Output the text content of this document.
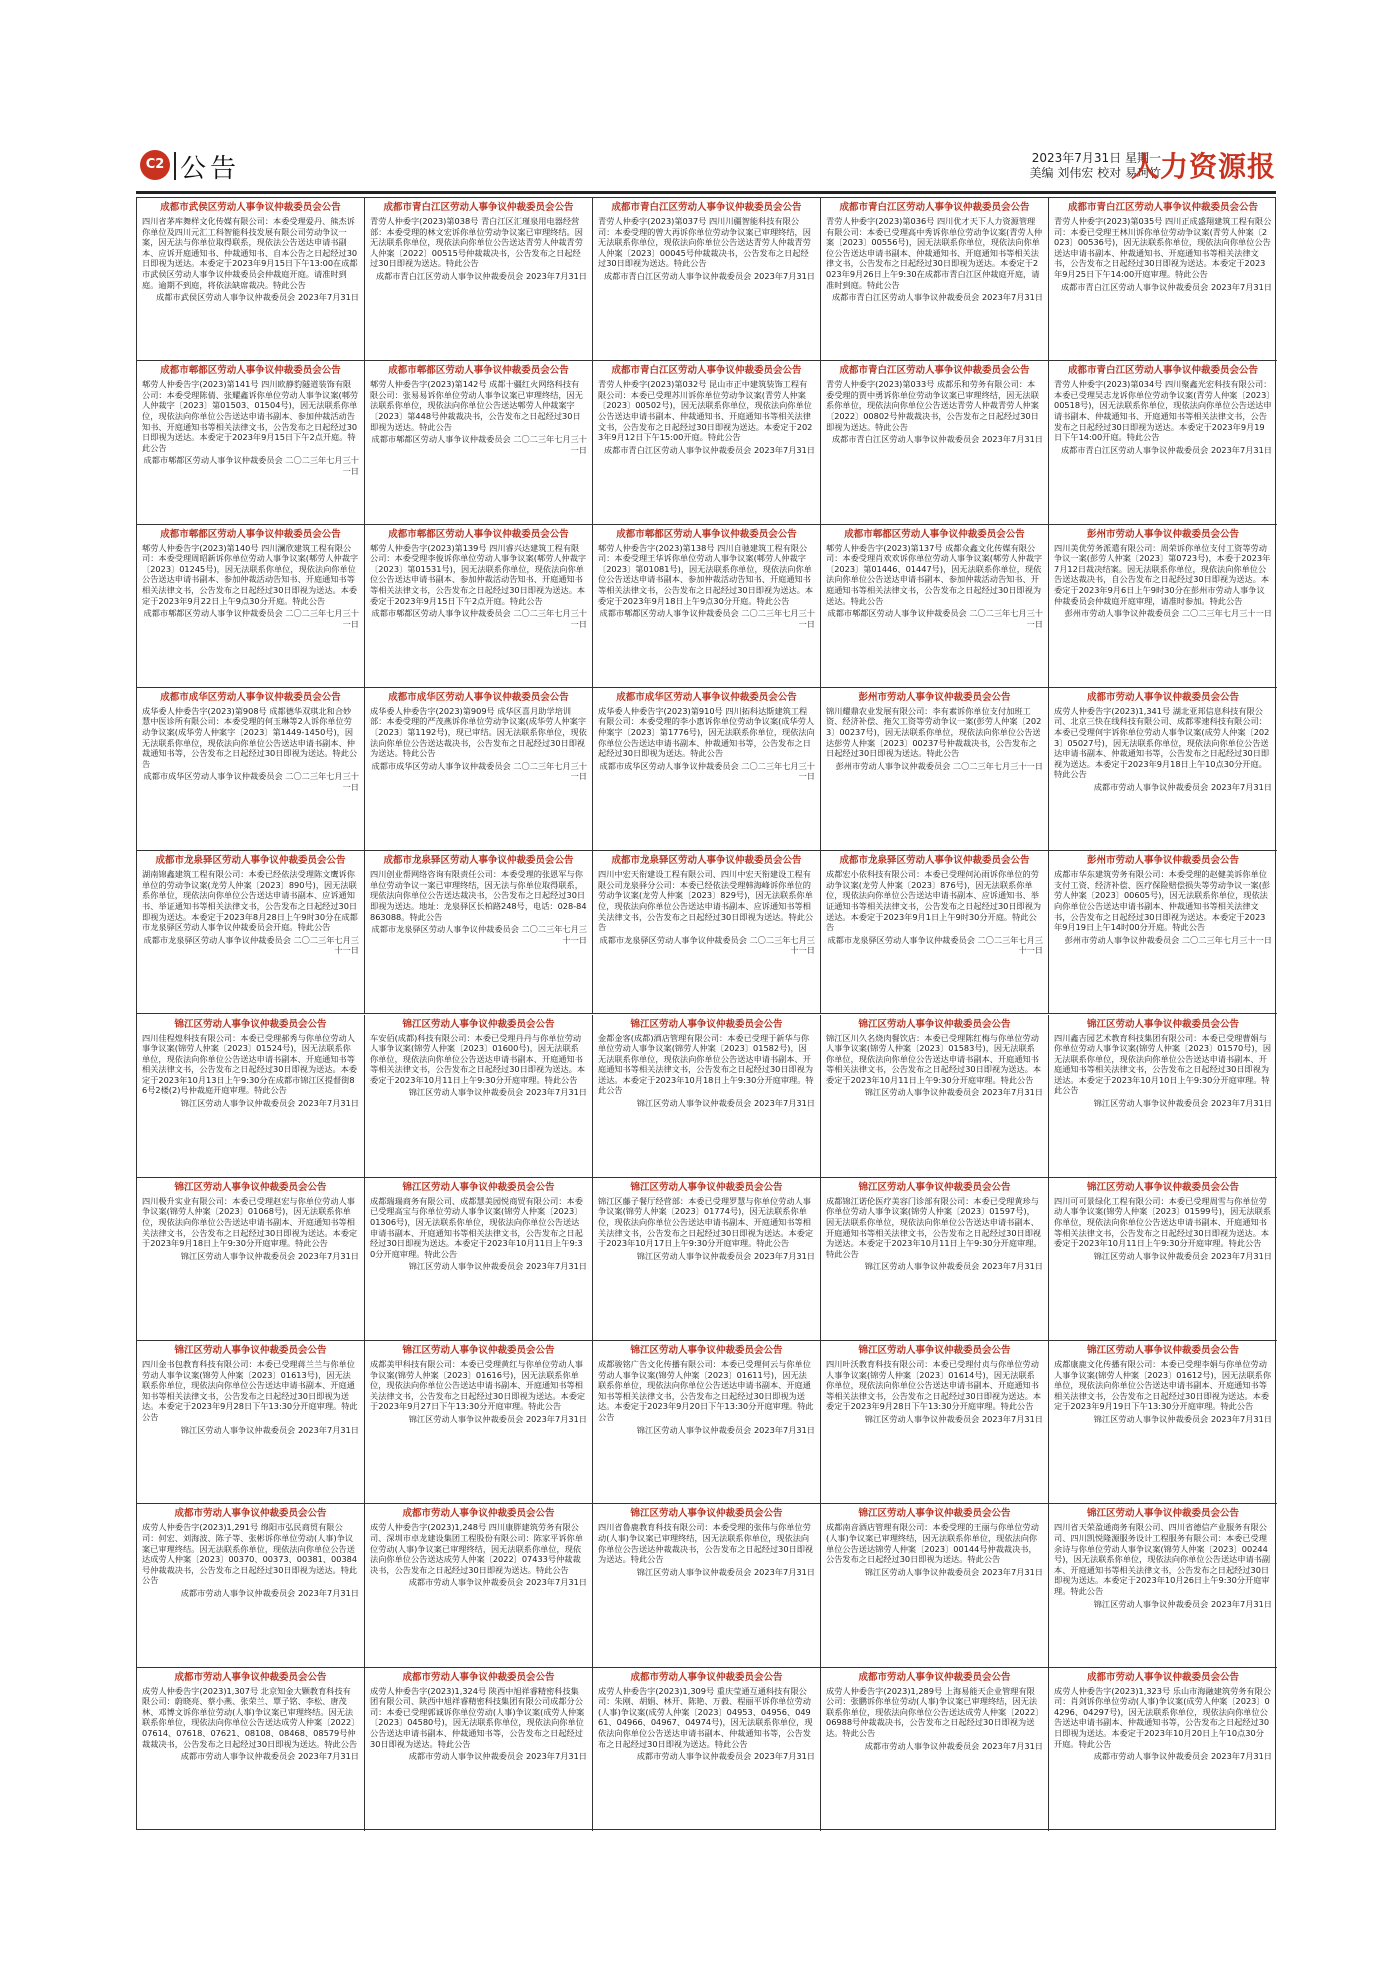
C2 公告	2023年7月31日 星期一
美编 刘伟宏 校对 易珂竹
人力资源报
成都市武侯区劳动人事争议仲裁委员会公告
四川省茅库舞样文化传媒有限公司：本委受理爱丹、熊杰诉你单位及四川元汇工科智能科技发展有限公司劳动争议一案，因无法与你单位取得联系，现依法公告送达申请书副本、应诉开庭通知书、仲裁通知书、自本公告之日起经过30日即视为送达。本委定于2023年9月15日下午13:00在成都市武侯区劳动人事争议仲裁委员会仲裁庭开庭。请准时到庭。逾期不到庭，将依法缺席裁决。特此公告
成都市武侯区劳动人事争议仲裁委员会 2023年7月31日
成都市青白江区劳动人事争议仲裁委员会公告
青劳人仲委字(2023)第038号 青白江区汇瑾泉用电器经营部：本委受理的林文宏诉你单位劳动争议案已审理终结。因无法联系你单位，现依法向你单位公告送达青劳人仲裁青劳人仲案〔2022〕00515号仲裁裁决书，公告发布之日起经过30日即视为送达。特此公告
成都市青白江区劳动人事争议仲裁委员会 2023年7月31日
成都市青白江区劳动人事争议仲裁委员会公告
青劳人仲委字(2023)第037号 四川川疆智能科技有限公司：本委受理的曾大再诉你单位劳动争议案已审理终结，因无法联系你单位，现依法向你单位公告送达青劳人仲裁青劳人仲案〔2023〕00045号仲裁裁决书，公告发布之日起经过30日即视为送达。特此公告
成都市青白江区劳动人事争议仲裁委员会 2023年7月31日
成都市青白江区劳动人事争议仲裁委员会公告
青劳人仲委字(2023)第036号 四川优才天下人力资源管理有限公司：本委已受理高中秀诉你单位劳动争议案(青劳人仲案〔2023〕00556号)，因无法联系你单位，现依法向你单位公告送达申请书副本、仲裁通知书、开庭通知书等相关法律文书，公告发布之日起经过30日即视为送达。本委定于2023年9月26日上午9:30在成都市青白江区仲裁庭开庭，请准时到庭。特此公告
成都市青白江区劳动人事争议仲裁委员会 2023年7月31日
成都市青白江区劳动人事争议仲裁委员会公告
青劳人仲委字(2023)第035号 四川正成盛翔建筑工程有限公司：本委已受理王林川诉你单位劳动争议案(青劳人仲案〔2023〕00536号)，因无法联系你单位，现依法向你单位公告送达申请书副本、仲裁通知书、开庭通知书等相关法律文书，公告发布之日起经过30日即视为送达。本委定于2023年9月25日下午14:00开庭审理。特此公告
成都市青白江区劳动人事争议仲裁委员会 2023年7月31日
成都市郫都区劳动人事争议仲裁委员会公告
郫劳人仲委告字(2023)第141号 四川欧静豹隧道装饰有限公司：本委受理陈倩、张耀鑫诉你单位劳动人事争议案(郫劳人仲裁字〔2023〕第01503、01504号)，因无法联系你单位，现依法向你单位公告送达申请书副本、参加仲裁活动告知书、开庭通知书等相关法律文书，公告发布之日起经过30日即视为送达。本委定于2023年9月15日下午2点开庭。特此公告
成都市郫都区劳动人事争议仲裁委员会 二〇二三年七月三十一日
成都市郫都区劳动人事争议仲裁委员会公告
郫劳人仲委告字(2023)第142号 成都十疆红火网络科技有限公司：张易易诉你单位劳动人事争议案已审理终结，因无法联系你单位，现依法向你单位公告送达郫劳人仲裁案字〔2023〕第448号仲裁裁决书，公告发布之日起经过30日即视为送达。特此公告
成都市郫都区劳动人事争议仲裁委员会 二〇二三年七月三十一日
成都市青白江区劳动人事争议仲裁委员会公告
青劳人仲委字(2023)第032号 昆山市正中建筑装饰工程有限公司：本委已受理苏川诉你单位劳动争议案(青劳人仲案〔2023〕00502号)，因无法联系你单位，现依法向你单位公告送达申请书副本、仲裁通知书、开庭通知书等相关法律文书，公告发布之日起经过30日即视为送达。本委定于2023年9月12日下午15:00开庭。特此公告
成都市青白江区劳动人事争议仲裁委员会 2023年7月31日
成都市青白江区劳动人事争议仲裁委员会公告
青劳人仲委字(2023)第033号 成都乐和劳务有限公司：本委受理的贾中勇诉你单位劳动争议案已审理终结，因无法联系你单位，现依法向你单位公告送达青劳人仲裁青劳人仲案〔2022〕00802号仲裁裁决书，公告发布之日起经过30日即视为送达。特此公告
成都市青白江区劳动人事争议仲裁委员会 2023年7月31日
成都市青白江区劳动人事争议仲裁委员会公告
青劳人仲委字(2023)第034号 四川聚鑫光宏科技有限公司：本委已受理吴志龙诉你单位劳动争议案(青劳人仲案〔2023〕00518号)，因无法联系你单位，现依法向你单位公告送达申请书副本、仲裁通知书、开庭通知书等相关法律文书，公告发布之日起经过30日即视为送达。本委定于2023年9月19日下午14:00开庭。特此公告
成都市青白江区劳动人事争议仲裁委员会 2023年7月31日
成都市郫都区劳动人事争议仲裁委员会公告
郫劳人仲委告字(2023)第140号 四川澜欣建筑工程有限公司：本委受理周昭新诉你单位劳动人事争议案(郫劳人仲裁字〔2023〕01245号)，因无法联系你单位，现依法向你单位公告送达申请书副本、参加仲裁活动告知书、开庭通知书等相关法律文书，公告发布之日起经过30日即视为送达。本委定于2023年9月22日上午9点30分开庭。特此公告
成都市郫都区劳动人事争议仲裁委员会 二〇二三年七月三十一日
成都市郫都区劳动人事争议仲裁委员会公告
郫劳人仲委告字(2023)第139号 四川睿兴达建筑工程有限公司：本委受理李俊诉你单位劳动人事争议案(郫劳人仲裁字〔2023〕第01531号)，因无法联系你单位，现依法向你单位公告送达申请书副本、参加仲裁活动告知书、开庭通知书等相关法律文书，公告发布之日起经过30日即视为送达。本委定于2023年9月15日下午2点开庭。特此公告
成都市郫都区劳动人事争议仲裁委员会 二〇二三年七月三十一日
成都市郫都区劳动人事争议仲裁委员会公告
郫劳人仲委告字(2023)第138号 四川自驰建筑工程有限公司：本委受理王华诉你单位劳动人事争议案(郫劳人仲裁字〔2023〕第01081号)，因无法联系你单位，现依法向你单位公告送达申请书副本、参加仲裁活动告知书、开庭通知书等相关法律文书，公告发布之日起经过30日即视为送达。本委定于2023年9月18日上午9点30分开庭。特此公告
成都市郫都区劳动人事争议仲裁委员会 二〇二三年七月三十一日
成都市郫都区劳动人事争议仲裁委员会公告
郫劳人仲委告字(2023)第137号 成都众鑫文化传媒有限公司：本委受理肖欢欢诉你单位劳动人事争议案(郫劳人仲裁字〔2023〕第01446、01447号)，因无法联系你单位，现依法向你单位公告送达申请书副本、参加仲裁活动告知书、开庭通知书等相关法律文书，公告发布之日起经过30日即视为送达。特此公告
成都市郫都区劳动人事争议仲裁委员会 二〇二三年七月三十一日
彭州市劳动人事争议仲裁委员会公告
四川美优劳务派遣有限公司：周荣诉你单位支付工资等劳动争议一案(彭劳人仲案〔2023〕第0723号)，本委于2023年7月12日裁决结案。因无法联系你单位，现依法向你单位公告送达裁决书，自公告发布之日起经过30日即视为送达。本委定于2023年9月6日上午9时30分在彭州市劳动人事争议仲裁委员会仲裁庭开庭审理，请准时参加。特此公告
彭州市劳动人事争议仲裁委员会 二〇二三年七月三十一日
成都市成华区劳动人事争议仲裁委员会公告
成华委人仲委告字(2023)第908号 成都德华双琪北和合妙慧中医诊所有限公司：本委受理的何玉琳等2人诉你单位劳动争议案(成华劳人仲案字〔2023〕第1449-1450号)，因无法联系你单位，现依法向你单位公告送达申请书副本、仲裁通知书等，公告发布之日起经过30日即视为送达。特此公告
成都市成华区劳动人事争议仲裁委员会 二〇二三年七月三十一日
成都市成华区劳动人事争议仲裁委员会公告
成华委人仲委告字(2023)第909号 成华区喜月助学培训部：本委受理的严茂燕诉你单位劳动争议案(成华劳人仲案字〔2023〕第1192号)，现已审结。因无法联系你单位，现依法向你单位公告送达裁决书，公告发布之日起经过30日即视为送达。特此公告
成都市成华区劳动人事争议仲裁委员会 二〇二三年七月三十一日
成都市成华区劳动人事争议仲裁委员会公告
成华委人仲委告字(2023)第910号 四川拓科达斯建筑工程有限公司：本委受理的李小惠诉你单位劳动争议案(成华劳人仲案字〔2023〕第1776号)，因无法联系你单位，现依法向你单位公告送达申请书副本、仲裁通知书等，公告发布之日起经过30日即视为送达。特此公告
成都市成华区劳动人事争议仲裁委员会 二〇二三年七月三十一日
彭州市劳动人事争议仲裁委员会公告
锦川耀鼎农业发展有限公司：李有素诉你单位支付加班工资、经济补偿、拖欠工资等劳动争议一案(彭劳人仲案〔2023〕00237号)，因无法联系你单位，现依法向你单位公告送达彭劳人仲案〔2023〕00237号仲裁裁决书，公告发布之日起经过30日即视为送达。特此公告
彭州市劳动人事争议仲裁委员会 二〇二三年七月三十一日
成都市劳动人事争议仲裁委员会公告
成劳人仲委告字(2023)1,341号 湖北亚邦信息科技有限公司、北京三快在线科技有限公司、成都零速科技有限公司：本委已受理何宇诉你单位劳动人事争议案(成劳人仲案〔2023〕05027号)，因无法联系你单位，现依法向你单位公告送达申请书副本、仲裁通知书等，公告发布之日起经过30日即视为送达。本委定于2023年9月18日上午10点30分开庭。特此公告
成都市劳动人事争议仲裁委员会 2023年7月31日
成都市龙泉驿区劳动人事争议仲裁委员会公告
湖南锦鑫建筑工程有限公司：本委已经依法受理陈文鹰诉你单位的劳动争议案(龙劳人仲案〔2023〕890号)，因无法联系你单位，现依法向你单位公告送达申请书副本、应诉通知书、举证通知书等相关法律文书，公告发布之日起经过30日即视为送达。本委定于2023年8月28日上午9时30分在成都市龙泉驿区劳动人事争议仲裁委员会开庭。特此公告
成都市龙泉驿区劳动人事争议仲裁委员会 二〇二三年七月三十一日
成都市龙泉驿区劳动人事争议仲裁委员会公告
四川创业帮网络咨询有限责任公司：本委受理的张恩军与你单位劳动争议一案已审理终结，因无法与你单位取得联系，现依法向你单位公告送达裁决书，公告发布之日起经过30日即视为送达。地址：龙泉驿区长柏路248号，电话：028-84863088。特此公告
成都市龙泉驿区劳动人事争议仲裁委员会 二〇二三年七月三十一日
成都市龙泉驿区劳动人事争议仲裁委员会公告
四川中宏天衔建设工程有限公司、四川中宏天衔建设工程有限公司龙泉驿分公司：本委已经依法受理韩海峰诉你单位的劳动争议案(龙劳人仲案〔2023〕829号)，因无法联系你单位，现依法向你单位公告送达申请书副本、应诉通知书等相关法律文书，公告发布之日起经过30日即视为送达。特此公告
成都市龙泉驿区劳动人事争议仲裁委员会 二〇二三年七月三十一日
成都市龙泉驿区劳动人事争议仲裁委员会公告
成都宏小依科技有限公司：本委已受理何沁雨诉你单位的劳动争议案(龙劳人仲案〔2023〕876号)，因无法联系你单位，现依法向你单位公告送达申请书副本、应诉通知书、举证通知书等相关法律文书，公告发布之日起经过30日即视为送达。本委定于2023年9月1日上午9时30分开庭。特此公告
成都市龙泉驿区劳动人事争议仲裁委员会 二〇二三年七月三十一日
彭州市劳动人事争议仲裁委员会公告
成都市华东建筑劳务有限公司：本委受理的赵健美诉你单位支付工资、经济补偿、医疗保险赔偿损失等劳动争议一案(彭劳人仲案〔2023〕00605号)，因无法联系你单位，现依法向你单位公告送达申请书副本、仲裁通知书等相关法律文书，公告发布之日起经过30日即视为送达。本委定于2023年9月19日上午14时00分开庭。特此公告
彭州市劳动人事争议仲裁委员会 二〇二三年七月三十一日
锦江区劳动人事争议仲裁委员会公告
四川佳程煌科技有限公司：本委已受理郝秀与你单位劳动人事争议案(锦劳人仲案〔2023〕01524号)，因无法联系你单位，现依法向你单位公告送达申请书副本、开庭通知书等相关法律文书，公告发布之日起经过30日即视为送达。本委定于2023年10月13日上午9:30分在成都市锦江区提督街86号2楼(2)号仲裁庭开庭审理。特此公告
锦江区劳动人事争议仲裁委员会 2023年7月31日
锦江区劳动人事争议仲裁委员会公告
车安佰(成都)科技有限公司：本委已受理丹丹与你单位劳动人事争议案(锦劳人仲案〔2023〕01600号)，因无法联系你单位，现依法向你单位公告送达申请书副本、开庭通知书等相关法律文书，公告发布之日起经过30日即视为送达。本委定于2023年10月11日上午9:30分开庭审理。特此公告
锦江区劳动人事争议仲裁委员会 2023年7月31日
锦江区劳动人事争议仲裁委员会公告
金都金客(成都)酒店管理有限公司：本委已受理于新华与你单位劳动人事争议案(锦劳人仲案〔2023〕01582号)，因无法联系你单位，现依法向你单位公告送达申请书副本、开庭通知书等相关法律文书，公告发布之日起经过30日即视为送达。本委定于2023年10月18日上午9:30分开庭审理。特此公告
锦江区劳动人事争议仲裁委员会 2023年7月31日
锦江区劳动人事争议仲裁委员会公告
锦江区川久名烧肉餐饮店：本委已受理陈红梅与你单位劳动人事争议案(锦劳人仲案〔2023〕01583号)，因无法联系你单位，现依法向你单位公告送达申请书副本、开庭通知书等相关法律文书，公告发布之日起经过30日即视为送达。本委定于2023年10月11日上午9:30分开庭审理。特此公告
锦江区劳动人事争议仲裁委员会 2023年7月31日
锦江区劳动人事争议仲裁委员会公告
四川鑫吉园艺术教育科技集团有限公司：本委已受理曹娟与你单位劳动人事争议案(锦劳人仲案〔2023〕01570号)，因无法联系你单位，现依法向你单位公告送达申请书副本、开庭通知书等相关法律文书，公告发布之日起经过30日即视为送达。本委定于2023年10月10日上午9:30分开庭审理。特此公告
锦江区劳动人事争议仲裁委员会 2023年7月31日
锦江区劳动人事争议仲裁委员会公告
四川极升实业有限公司：本委已受理赵宏与你单位劳动人事争议案(锦劳人仲案〔2023〕01068号)，因无法联系你单位，现依法向你单位公告送达申请书副本、开庭通知书等相关法律文书，公告发布之日起经过30日即视为送达。本委定于2023年9月18日上午9:30分开庭审理。特此公告
锦江区劳动人事争议仲裁委员会 2023年7月31日
锦江区劳动人事争议仲裁委员会公告
成都瑞瑞商务有限公司、成都慧美园悦商贸有限公司：本委已受理高宝与你单位劳动人事争议案(锦劳人仲案〔2023〕01306号)，因无法联系你单位，现依法向你单位公告送达申请书副本、开庭通知书等相关法律文书，公告发布之日起经过30日即视为送达。本委定于2023年10月11日上午9:30分开庭审理。特此公告
锦江区劳动人事争议仲裁委员会 2023年7月31日
锦江区劳动人事争议仲裁委员会公告
锦江区藤子餐厅经营部：本委已受理罗慧与你单位劳动人事争议案(锦劳人仲案〔2023〕01774号)，因无法联系你单位，现依法向你单位公告送达申请书副本、开庭通知书等相关法律文书，公告发布之日起经过30日即视为送达。本委定于2023年10月17日上午9:30分开庭审理。特此公告
锦江区劳动人事争议仲裁委员会 2023年7月31日
锦江区劳动人事争议仲裁委员会公告
成都锦江诺伦医疗美容门诊部有限公司：本委已受理黄珍与你单位劳动人事争议案(锦劳人仲案〔2023〕01597号)，因无法联系你单位，现依法向你单位公告送达申请书副本、开庭通知书等相关法律文书，公告发布之日起经过30日即视为送达。本委定于2023年10月11日上午9:30分开庭审理。特此公告
锦江区劳动人事争议仲裁委员会 2023年7月31日
锦江区劳动人事争议仲裁委员会公告
四川可可景绿化工程有限公司：本委已受理周雪与你单位劳动人事争议案(锦劳人仲案〔2023〕01599号)，因无法联系你单位，现依法向你单位公告送达申请书副本、开庭通知书等相关法律文书，公告发布之日起经过30日即视为送达。本委定于2023年10月11日上午9:30分开庭审理。特此公告
锦江区劳动人事争议仲裁委员会 2023年7月31日
锦江区劳动人事争议仲裁委员会公告
四川金书包教育科技有限公司：本委已受理蒋兰兰与你单位劳动人事争议案(锦劳人仲案〔2023〕01613号)，因无法联系你单位，现依法向你单位公告送达申请书副本、开庭通知书等相关法律文书，公告发布之日起经过30日即视为送达。本委定于2023年9月28日下午13:30分开庭审理。特此公告
锦江区劳动人事争议仲裁委员会 2023年7月31日
锦江区劳动人事争议仲裁委员会公告
成都美甲科技有限公司：本委已受理黄红与你单位劳动人事争议案(锦劳人仲案〔2023〕01616号)，因无法联系你单位，现依法向你单位公告送达申请书副本、开庭通知书等相关法律文书，公告发布之日起经过30日即视为送达。本委定于2023年9月27日下午13:30分开庭审理。特此公告
锦江区劳动人事争议仲裁委员会 2023年7月31日
锦江区劳动人事争议仲裁委员会公告
成都骏铭广告文化传播有限公司：本委已受理何云与你单位劳动人事争议案(锦劳人仲案〔2023〕01611号)，因无法联系你单位，现依法向你单位公告送达申请书副本、开庭通知书等相关法律文书，公告发布之日起经过30日即视为送达。本委定于2023年9月20日下午13:30分开庭审理。特此公告
锦江区劳动人事争议仲裁委员会 2023年7月31日
锦江区劳动人事争议仲裁委员会公告
四川叶沃教育科技有限公司：本委已受理付贞与你单位劳动人事争议案(锦劳人仲案〔2023〕01614号)，因无法联系你单位，现依法向你单位公告送达申请书副本、开庭通知书等相关法律文书，公告发布之日起经过30日即视为送达。本委定于2023年9月28日下午13:30分开庭审理。特此公告
锦江区劳动人事争议仲裁委员会 2023年7月31日
锦江区劳动人事争议仲裁委员会公告
成都康鹿文化传播有限公司：本委已受理李娟与你单位劳动人事争议案(锦劳人仲案〔2023〕01612号)，因无法联系你单位，现依法向你单位公告送达申请书副本、开庭通知书等相关法律文书，公告发布之日起经过30日即视为送达。本委定于2023年9月19日下午13:30分开庭审理。特此公告
锦江区劳动人事争议仲裁委员会 2023年7月31日
成都市劳动人事争议仲裁委员会公告
成劳人仲委告字(2023)1,291号 绵阳市弘民商贸有限公司：何宏、刘海波、陈子等、张彬诉你单位劳动(人事)争议案已审理终结。因无法联系你单位，现依法向你单位公告送达成劳人仲案〔2023〕00370、00373、00381、00384号仲裁裁决书，公告发布之日起经过30日即视为送达。特此公告
成都市劳动人事争议仲裁委员会 2023年7月31日
成都市劳动人事争议仲裁委员会公告
成劳人仲委告字(2023)1,248号 四川康胖建筑劳务有限公司、深圳市卓龙建设集团工程股份有限公司：陈家平诉你单位劳动(人事)争议案已审理终结，因无法联系你单位，现依法向你单位公告送达成劳人仲案〔2022〕07433号仲裁裁决书，公告发布之日起经过30日即视为送达。特此公告
成都市劳动人事争议仲裁委员会 2023年7月31日
锦江区劳动人事争议仲裁委员会公告
四川省鲁鹿教育科技有限公司：本委受理的张伟与你单位劳动(人事)争议案已审理终结，因无法联系你单位，现依法向你单位公告送达仲裁裁决书，公告发布之日起经过30日即视为送达。特此公告
锦江区劳动人事争议仲裁委员会 2023年7月31日
锦江区劳动人事争议仲裁委员会公告
成都南音酒店管理有限公司：本委受理的王丽与你单位劳动(人事)争议案已审理终结，因无法联系你单位，现依法向你单位公告送达锦劳人仲案〔2023〕00144号仲裁裁决书，公告发布之日起经过30日即视为送达。特此公告
锦江区劳动人事争议仲裁委员会 2023年7月31日
锦江区劳动人事争议仲裁委员会公告
四川省天荣盈通商务有限公司、四川省德信产业服务有限公司、四川凯悦隆源服务设计工程服务有限公司：本委已受理余诗与你单位劳动人事争议案(锦劳人仲案〔2023〕00244号)，因无法联系你单位，现依法向你单位公告送达申请书副本、开庭通知书等相关法律文书，公告发布之日起经过30日即视为送达。本委定于2023年10月26日上午9:30分开庭审理。特此公告
锦江区劳动人事争议仲裁委员会 2023年7月31日
成都市劳动人事争议仲裁委员会公告
成劳人仲委告字(2023)1,307号 北京知金大颗教育科技有限公司：蔚晓亮、蔡小燕、张荣兰、覃子铭、李松、唐茂林、邓博文诉你单位劳动(人事)争议案已审理终结。因无法联系你单位，现依法向你单位公告送达成劳人仲案〔2022〕07614、07618、07621、08108、08468、08579号仲裁裁决书，公告发布之日起经过30日即视为送达。特此公告
成都市劳动人事争议仲裁委员会 2023年7月31日
成都市劳动人事争议仲裁委员会公告
成劳人仲委告字(2023)1,324号 陕西中旭祥睿精密科技集团有限公司、陕西中旭祥睿精密科技集团有限公司成都分公司：本委已受理郭诚诉你单位劳动(人事)争议案(成劳人仲案〔2023〕04580号)，因无法联系你单位，现依法向你单位公告送达申请书副本、仲裁通知书等，公告发布之日起经过30日即视为送达。特此公告
成都市劳动人事争议仲裁委员会 2023年7月31日
成都市劳动人事争议仲裁委员会公告
成劳人仲委告字(2023)1,309号 重庆莹通互通科技有限公司：朱刚、胡娟、林开、陈艳、万毅、程丽平诉你单位劳动(人事)争议案(成劳人仲案〔2023〕04953、04956、04961、04966、04967、04974号)，因无法联系你单位，现依法向你单位公告送达申请书副本、仲裁通知书等，公告发布之日起经过30日即视为送达。特此公告
成都市劳动人事争议仲裁委员会 2023年7月31日
成都市劳动人事争议仲裁委员会公告
成劳人仲委告字(2023)1,289号 上海易能天企业管理有限公司：张鹏诉你单位劳动(人事)争议案已审理终结，因无法联系你单位，现依法向你单位公告送达成劳人仲案〔2022〕06988号仲裁裁决书，公告发布之日起经过30日即视为送达。特此公告
成都市劳动人事争议仲裁委员会 2023年7月31日
成都市劳动人事争议仲裁委员会公告
成劳人仲委告字(2023)1,323号 乐山市海融建筑劳务有限公司：肖剑诉你单位劳动(人事)争议案(成劳人仲案〔2023〕04296、04297号)，因无法联系你单位，现依法向你单位公告送达申请书副本、仲裁通知书等，公告发布之日起经过30日即视为送达。本委定于2023年10月20日上午10点30分开庭。特此公告
成都市劳动人事争议仲裁委员会 2023年7月31日
